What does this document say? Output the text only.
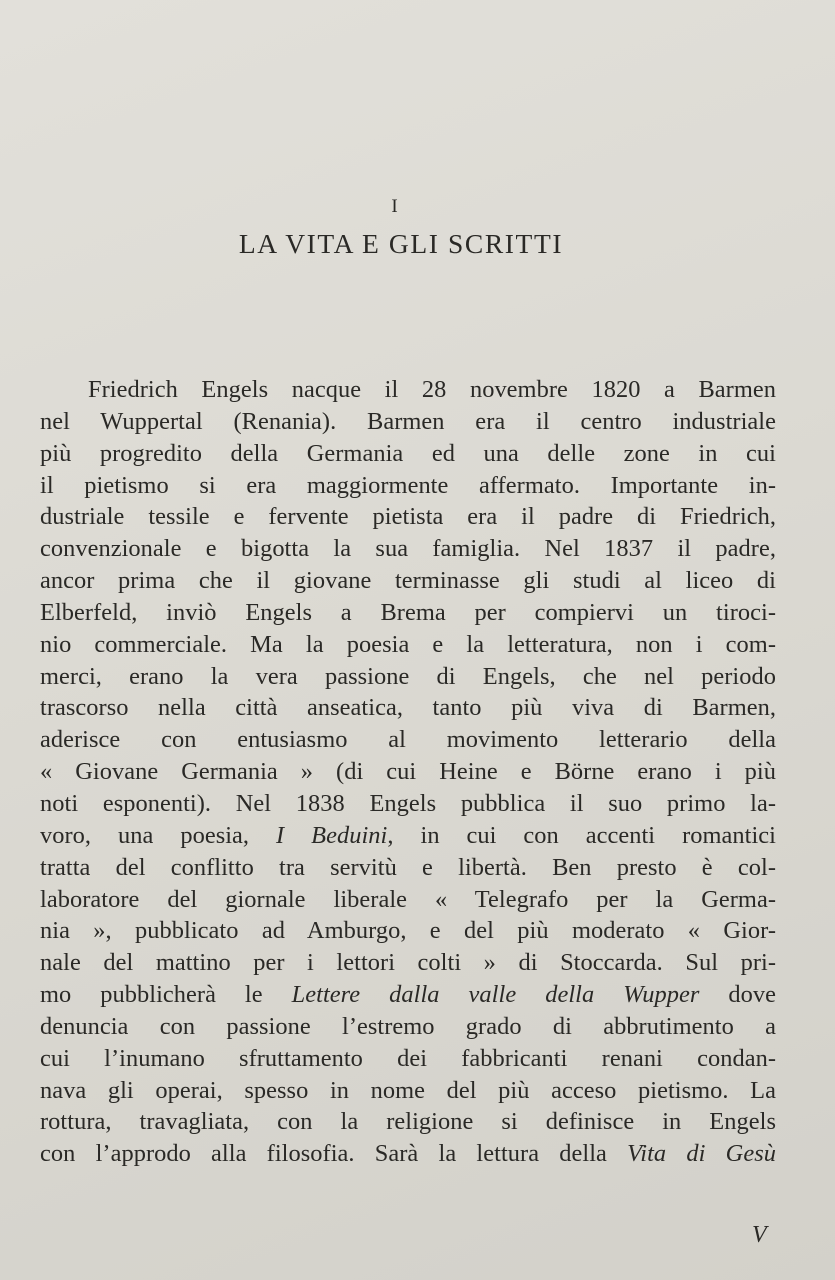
I
LA VITA E GLI SCRITTI
Friedrich Engels nacque il 28 novembre 1820 a Barmen
nel Wuppertal (Renania). Barmen era il centro industriale
più progredito della Germania ed una delle zone in cui
il pietismo si era maggiormente affermato. Importante in-
dustriale tessile e fervente pietista era il padre di Friedrich,
convenzionale e bigotta la sua famiglia. Nel 1837 il padre,
ancor prima che il giovane terminasse gli studi al liceo di
Elberfeld, inviò Engels a Brema per compiervi un tiroci-
nio commerciale. Ma la poesia e la letteratura, non i com-
merci, erano la vera passione di Engels, che nel periodo
trascorso nella città anseatica, tanto più viva di Barmen,
aderisce con entusiasmo al movimento letterario della
« Giovane Germania » (di cui Heine e Börne erano i più
noti esponenti). Nel 1838 Engels pubblica il suo primo la-
voro, una poesia, I Beduini, in cui con accenti romantici
tratta del conflitto tra servitù e libertà. Ben presto è col-
laboratore del giornale liberale « Telegrafo per la Germa-
nia », pubblicato ad Amburgo, e del più moderato « Gior-
nale del mattino per i lettori colti » di Stoccarda. Sul pri-
mo pubblicherà le Lettere dalla valle della Wupper dove
denuncia con passione l’estremo grado di abbrutimento a
cui l’inumano sfruttamento dei fabbricanti renani condan-
nava gli operai, spesso in nome del più acceso pietismo. La
rottura, travagliata, con la religione si definisce in Engels
con l’approdo alla filosofia. Sarà la lettura della Vita di Gesù
V
